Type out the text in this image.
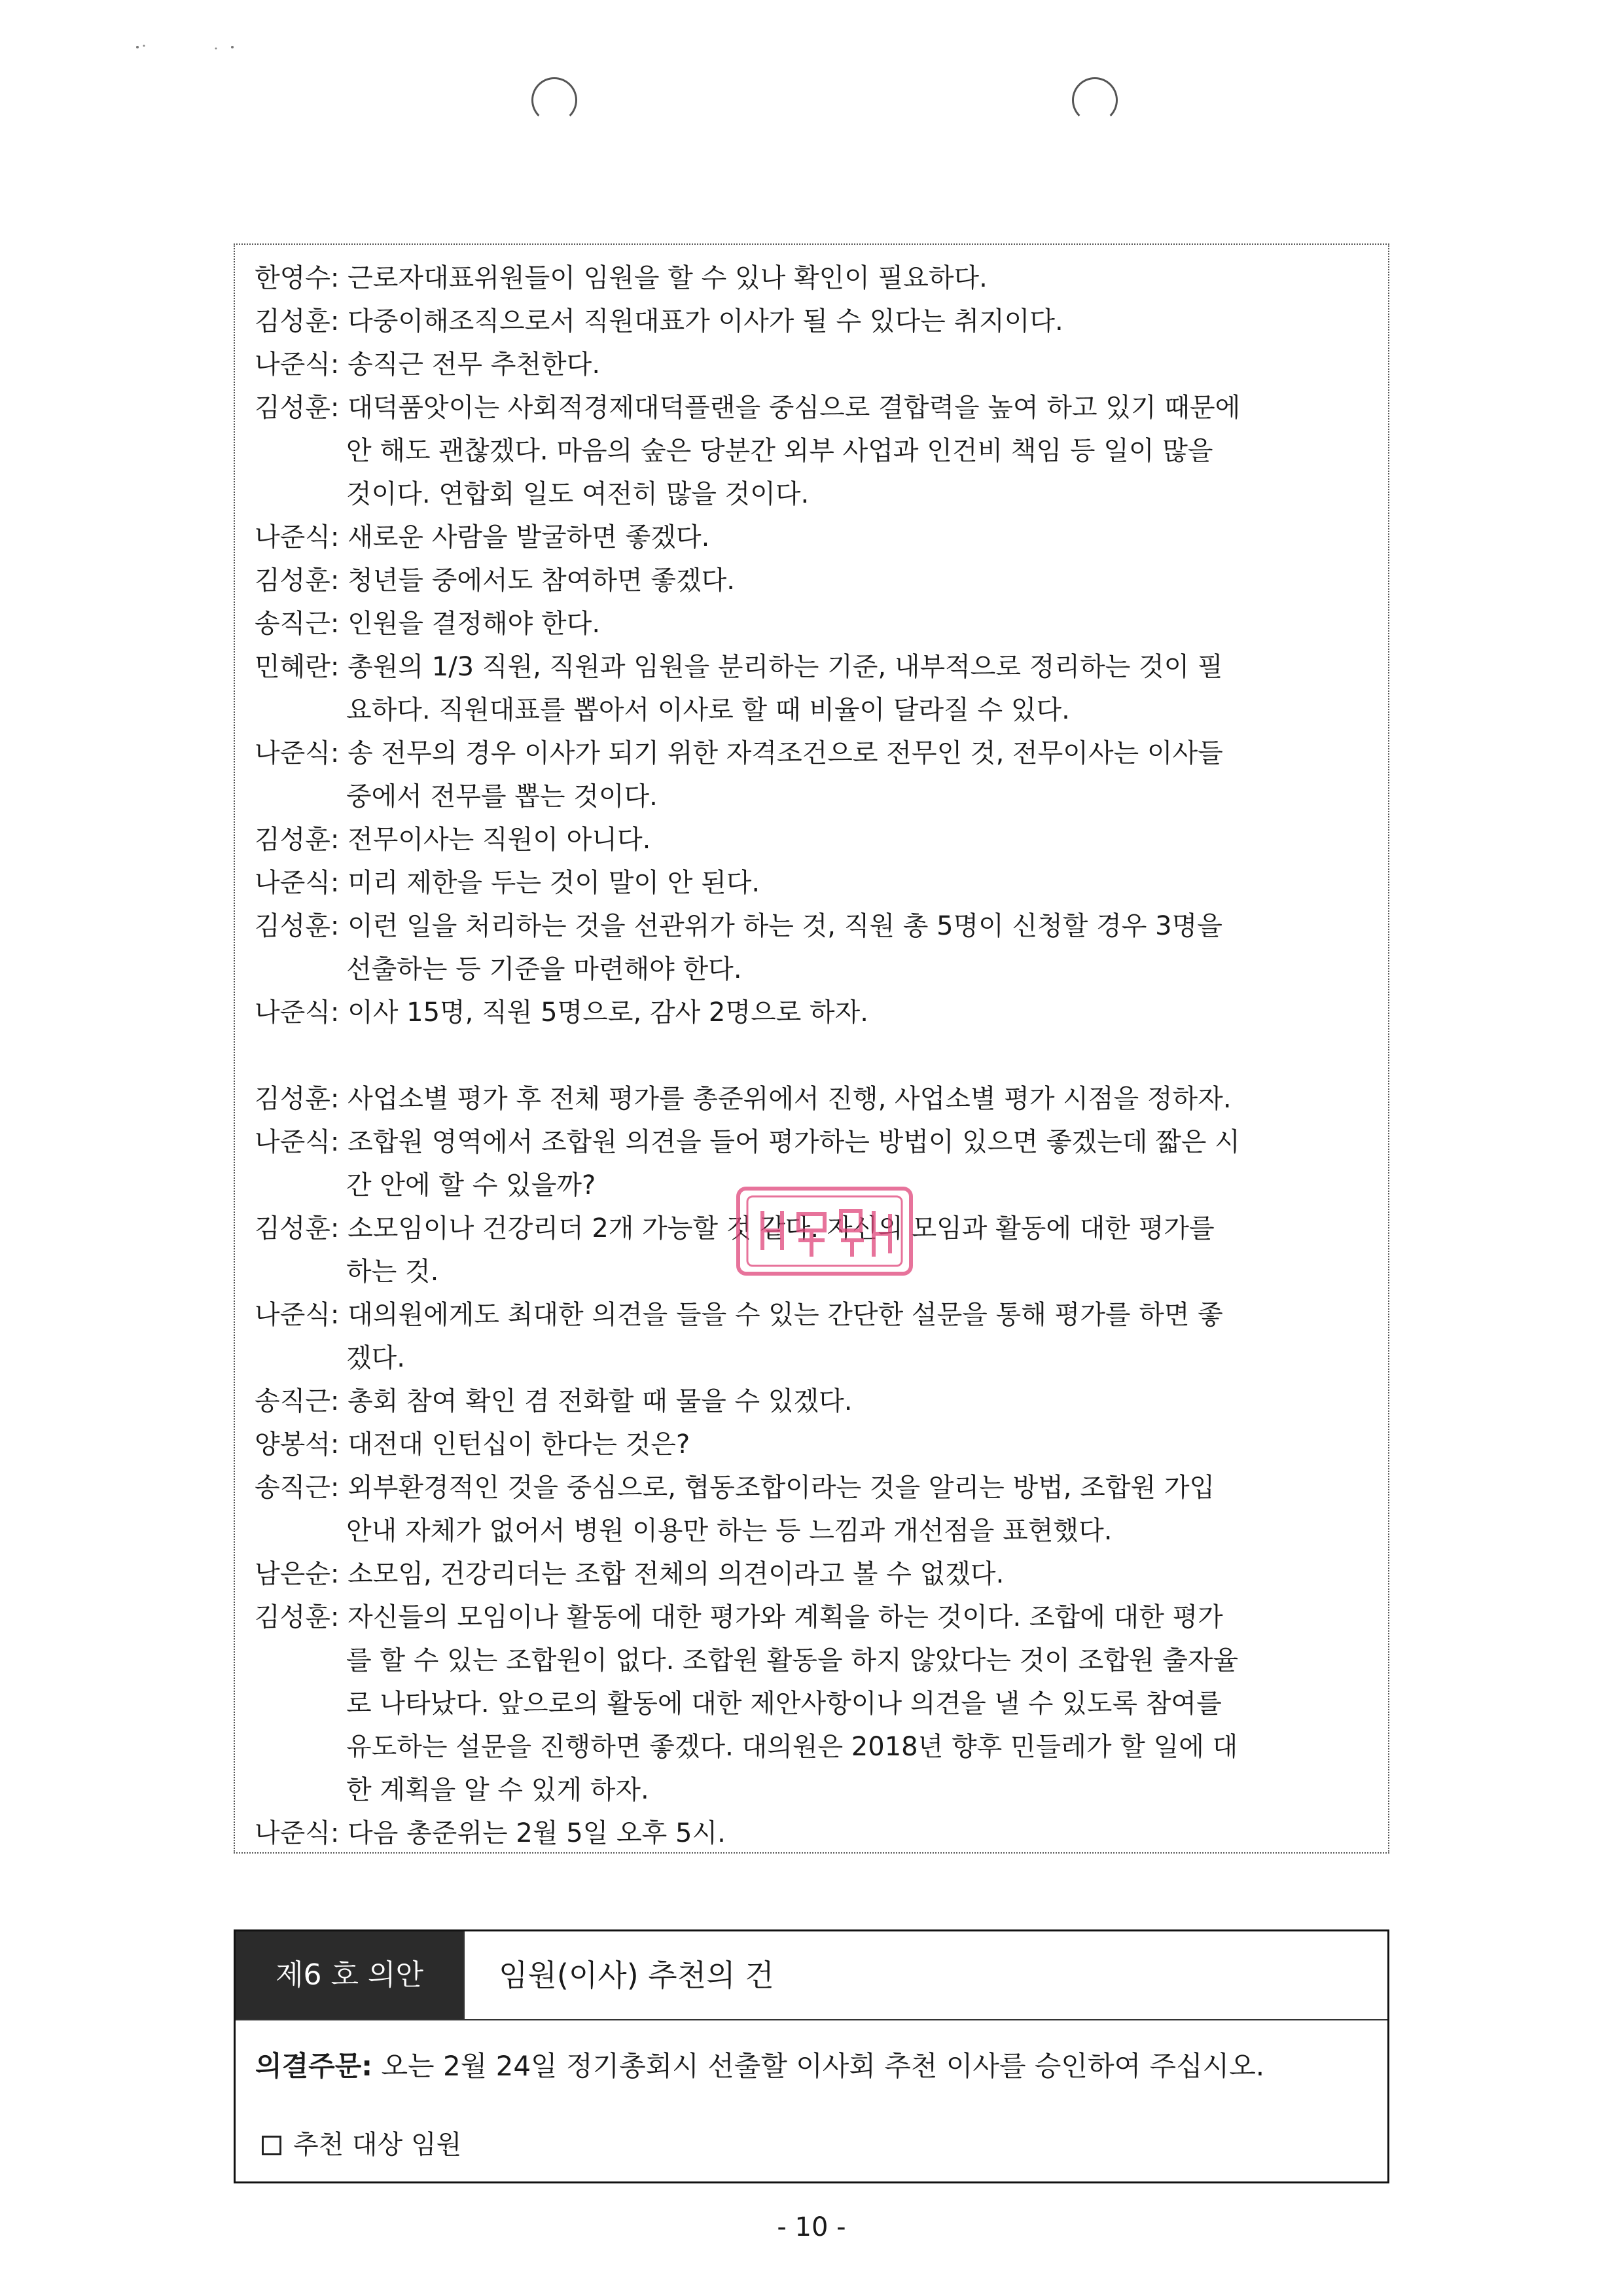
한영수: 근로자대표위원들이 임원을 할 수 있나 확인이 필요하다.
김성훈: 다중이해조직으로서 직원대표가 이사가 될 수 있다는 취지이다.
나준식: 송직근 전무 추천한다.
김성훈: 대덕품앗이는 사회적경제대덕플랜을 중심으로 결합력을 높여 하고 있기 때문에
안 해도 괜찮겠다. 마음의 숲은 당분간 외부 사업과 인건비 책임 등 일이 많을
것이다. 연합회 일도 여전히 많을 것이다.
나준식: 새로운 사람을 발굴하면 좋겠다.
김성훈: 청년들 중에서도 참여하면 좋겠다.
송직근: 인원을 결정해야 한다.
민혜란: 총원의 1/3 직원, 직원과 임원을 분리하는 기준, 내부적으로 정리하는 것이 필
요하다. 직원대표를 뽑아서 이사로 할 때 비율이 달라질 수 있다.
나준식: 송 전무의 경우 이사가 되기 위한 자격조건으로 전무인 것, 전무이사는 이사들
중에서 전무를 뽑는 것이다.
김성훈: 전무이사는 직원이 아니다.
나준식: 미리 제한을 두는 것이 말이 안 된다.
김성훈: 이런 일을 처리하는 것을 선관위가 하는 것, 직원 총 5명이 신청할 경우 3명을
선출하는 등 기준을 마련해야 한다.
나준식: 이사 15명, 직원 5명으로, 감사 2명으로 하자.
김성훈: 사업소별 평가 후 전체 평가를 총준위에서 진행, 사업소별 평가 시점을 정하자.
나준식: 조합원 영역에서 조합원 의견을 들어 평가하는 방법이 있으면 좋겠는데 짧은 시
간 안에 할 수 있을까?
김성훈: 소모임이나 건강리더 2개 가능할 것 같다. 자신의 모임과 활동에 대한 평가를
하는 것.
나준식: 대의원에게도 최대한 의견을 들을 수 있는 간단한 설문을 통해 평가를 하면 좋
겠다.
송직근: 총회 참여 확인 겸 전화할 때 물을 수 있겠다.
양봉석: 대전대 인턴십이 한다는 것은?
송직근: 외부환경적인 것을 중심으로, 협동조합이라는 것을 알리는 방법, 조합원 가입
안내 자체가 없어서 병원 이용만 하는 등 느낌과 개선점을 표현했다.
남은순: 소모임, 건강리더는 조합 전체의 의견이라고 볼 수 없겠다.
김성훈: 자신들의 모임이나 활동에 대한 평가와 계획을 하는 것이다. 조합에 대한 평가
를 할 수 있는 조합원이 없다. 조합원 활동을 하지 않았다는 것이 조합원 출자율
로 나타났다. 앞으로의 활동에 대한 제안사항이나 의견을 낼 수 있도록 참여를
유도하는 설문을 진행하면 좋겠다. 대의원은 2018년 향후 민들레가 할 일에 대
한 계획을 알 수 있게 하자.
나준식: 다음 총준위는 2월 5일 오후 5시.
제6 호 의안	임원(이사) 추천의 건
의결주문: 오는 2월 24일 정기총회시 선출할 이사회 추천 이사를 승인하여 주십시오.
추천 대상 임원
- 10 -
